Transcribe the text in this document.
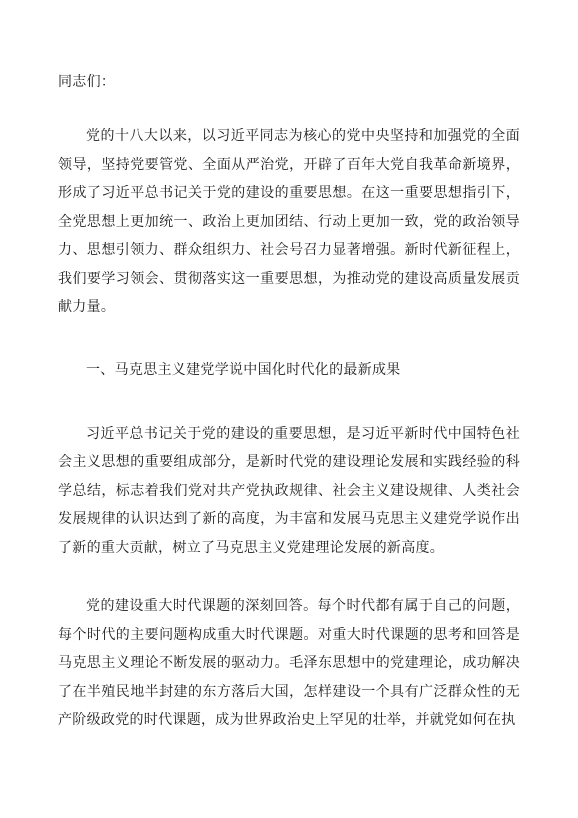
同志们：

党的十八大以来，以习近平同志为核心的党中央坚持和加强党的全面领导，坚持党要管党、全面从严治党，开辟了百年大党自我革命新境界，形成了习近平总书记关于党的建设的重要思想。在这一重要思想指引下，全党思想上更加统一、政治上更加团结、行动上更加一致，党的政治领导力、思想引领力、群众组织力、社会号召力显著增强。新时代新征程上，我们要学习领会、贯彻落实这一重要思想，为推动党的建设高质量发展贡献力量。

一、马克思主义建党学说中国化时代化的最新成果

习近平总书记关于党的建设的重要思想，是习近平新时代中国特色社会主义思想的重要组成部分，是新时代党的建设理论发展和实践经验的科学总结，标志着我们党对共产党执政规律、社会主义建设规律、人类社会发展规律的认识达到了新的高度，为丰富和发展马克思主义建党学说作出了新的重大贡献，树立了马克思主义党建理论发展的新高度。

党的建设重大时代课题的深刻回答。每个时代都有属于自己的问题，每个时代的主要问题构成重大时代课题。对重大时代课题的思考和回答是马克思主义理论不断发展的驱动力。毛泽东思想中的党建理论，成功解决了在半殖民地半封建的东方落后大国，怎样建设一个具有广泛群众性的无产阶级政党的时代课题，成为世界政治史上罕见的壮举，并就党如何在执
